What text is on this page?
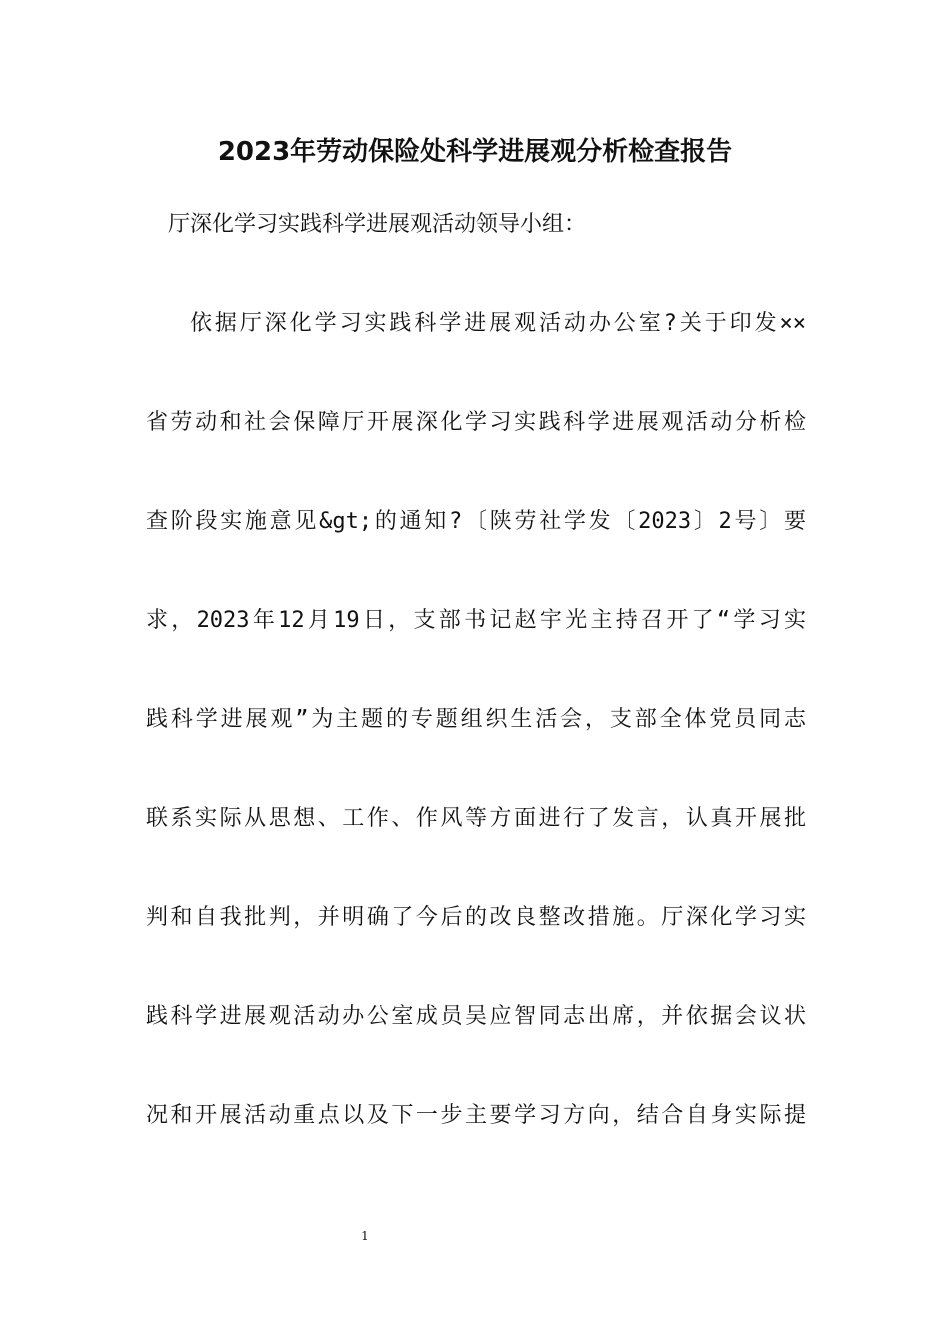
2023年劳动保险处科学进展观分析检查报告
厅深化学习实践科学进展观活动领导小组：
依据厅深化学习实践科学进展观活动办公室?关于印发××
省劳动和社会保障厅开展深化学习实践科学进展观活动分析检
查阶段实施意见&gt;的通知?〔陕劳社学发〔2023〕2号〕要
求，2023年12月19日，支部书记赵宇光主持召开了“学习实
践科学进展观”为主题的专题组织生活会，支部全体党员同志
联系实际从思想、工作、作风等方面进行了发言，认真开展批
判和自我批判，并明确了今后的改良整改措施。厅深化学习实
践科学进展观活动办公室成员吴应智同志出席，并依据会议状
况和开展活动重点以及下一步主要学习方向，结合自身实际提
1
